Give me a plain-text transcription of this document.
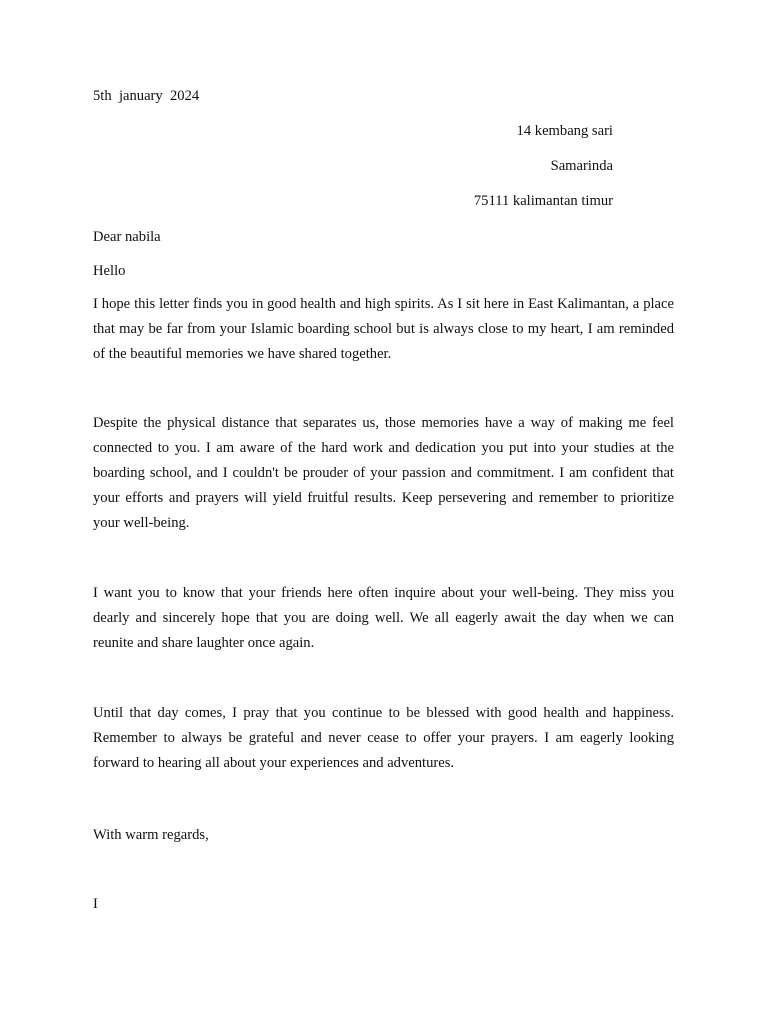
5th  january  2024
14 kembang sari
Samarinda
75111 kalimantan timur
Dear nabila
Hello

I hope this letter finds you in good health and high spirits. As I sit here in East Kalimantan, a place that may be far from your Islamic boarding school but is always close to my heart, I am reminded of the beautiful memories we have shared together.

Despite the physical distance that separates us, those memories have a way of making me feel connected to you. I am aware of the hard work and dedication you put into your studies at the boarding school, and I couldn't be prouder of your passion and commitment. I am confident that your efforts and prayers will yield fruitful results. Keep persevering and remember to prioritize your well-being.

I want you to know that your friends here often inquire about your well-being. They miss you dearly and sincerely hope that you are doing well. We all eagerly await the day when we can reunite and share laughter once again.

Until that day comes, I pray that you continue to be blessed with good health and happiness. Remember to always be grateful and never cease to offer your prayers. I am eagerly looking forward to hearing all about your experiences and adventures.

With warm regards,
I
